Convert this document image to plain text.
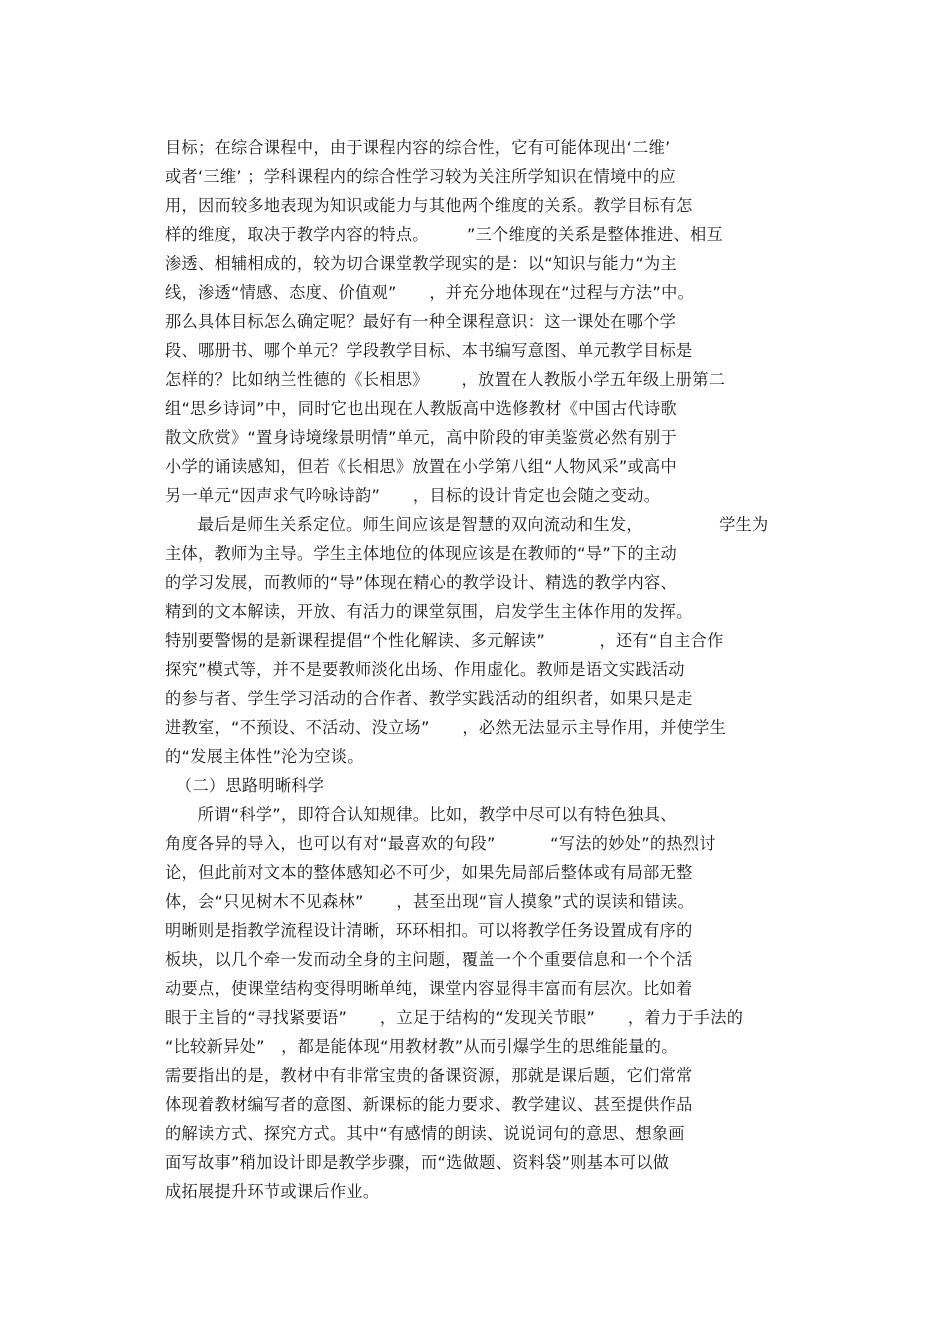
目标；在综合课程中，由于课程内容的综合性，它有可能体现出‘二维’
或者‘三维’ ；学科课程内的综合性学习较为关注所学知识在情境中的应
用，因而较多地表现为知识或能力与其他两个维度的关系。教学目标有怎
样的维度，取决于教学内容的特点。       ”三个维度的关系是整体推进、相互
渗透、相辅相成的，较为切合课堂教学现实的是：以“知识与能力“为主
线，渗透“情感、态度、价值观”      ，并充分地体现在“过程与方法”中。
那么具体目标怎么确定呢？最好有一种全课程意识：这一课处在哪个学
段、哪册书、哪个单元？学段教学目标、本书编写意图、单元教学目标是
怎样的？比如纳兰性德的《长相思》      ，放置在人教版小学五年级上册第二
组“思乡诗词”中，同时它也出现在人教版高中选修教材《中国古代诗歌
散文欣赏》“置身诗境缘景明情”单元，高中阶段的审美鉴赏必然有别于
小学的诵读感知，但若《长相思》放置在小学第八组“人物风采”或高中
另一单元“因声求气吟咏诗韵”      ，目标的设计肯定也会随之变动。
最后是师生关系定位。师生间应该是智慧的双向流动和生发，              学生为
主体，教师为主导。学生主体地位的体现应该是在教师的“导”下的主动
的学习发展，而教师的“导”体现在精心的教学设计、精选的教学内容、
精到的文本解读，开放、有活力的课堂氛围，启发学生主体作用的发挥。
特别要警惕的是新课程提倡“个性化解读、多元解读”          ，还有“自主合作
探究”模式等，并不是要教师淡化出场、作用虚化。教师是语文实践活动
的参与者、学生学习活动的合作者、教学实践活动的组织者，如果只是走
进教室，“不预设、不活动、没立场”      ，必然无法显示主导作用，并使学生
的“发展主体性”沦为空谈。
（二）思路明晰科学
所谓“科学”，即符合认知规律。比如，教学中尽可以有特色独具、
角度各异的导入，也可以有对“最喜欢的句段”          “写法的妙处”的热烈讨
论，但此前对文本的整体感知必不可少，如果先局部后整体或有局部无整
体，会“只见树木不见森林”      ，甚至出现“盲人摸象”式的误读和错读。
明晰则是指教学流程设计清晰，环环相扣。可以将教学任务设置成有序的
板块，以几个牵一发而动全身的主问题，覆盖一个个重要信息和一个个活
动要点，使课堂结构变得明晰单纯，课堂内容显得丰富而有层次。比如着
眼于主旨的“寻找紧要语”      ，立足于结构的“发现关节眼”      ，着力于手法的
“比较新异处”   ，都是能体现“用教材教”从而引爆学生的思维能量的。
需要指出的是，教材中有非常宝贵的备课资源，那就是课后题，它们常常
体现着教材编写者的意图、新课标的能力要求、教学建议、甚至提供作品
的解读方式、探究方式。其中“有感情的朗读、说说词句的意思、想象画
面写故事”稍加设计即是教学步骤，而“选做题、资料袋”则基本可以做
成拓展提升环节或课后作业。
